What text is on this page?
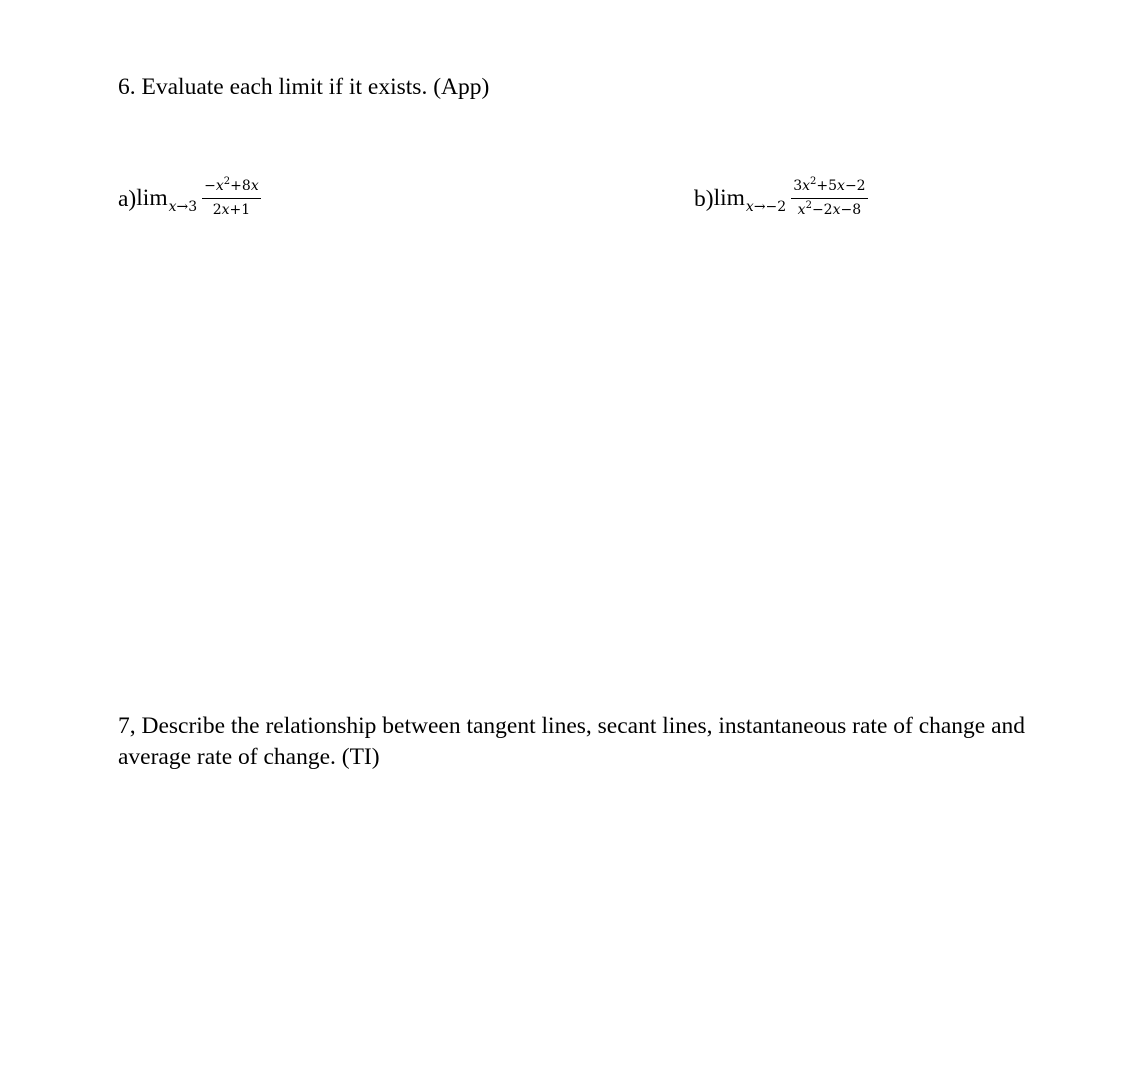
6. Evaluate each limit if it exists. (App)
a) $\lim x\to 3 \frac{-x^2+8x}{2x+1}$	b) $\lim x\to-2 \frac{3x^2+5x-2}{x^2-2x-8}$
7, Describe the relationship between tangent lines, secant lines, instantaneous rate of change and average rate of change. (TI)
